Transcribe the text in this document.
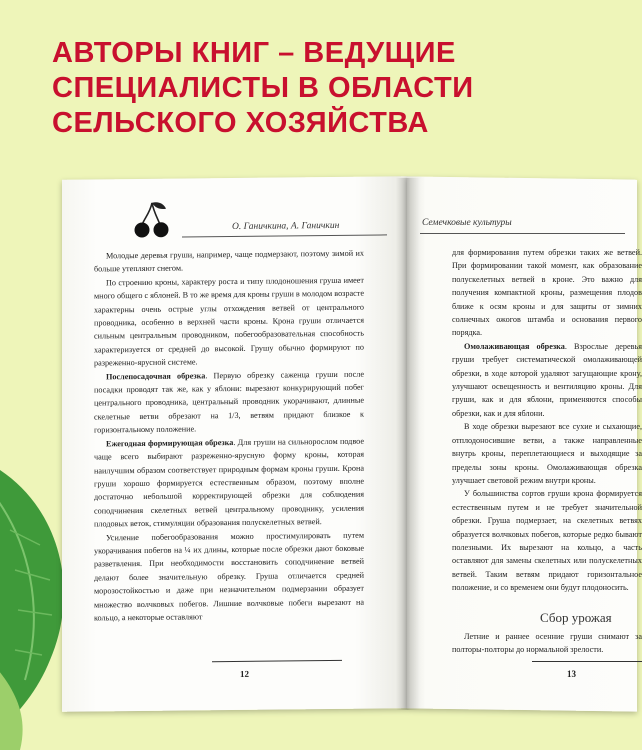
АВТОРЫ КНИГ – ВЕДУЩИЕ
СПЕЦИАЛИСТЫ В ОБЛАСТИ
СЕЛЬСКОГО ХОЗЯЙСТВА
О. Ганичкина, А. Ганичкин

Молодые деревья груши, например, чаще подмерзают, поэтому зимой их больше утепляют снегом.

По строению кроны, характеру роста и типу плодоношения груша имеет много общего с яблоней. В то же время для кроны груши в молодом возрасте характерны очень острые углы отхождения ветвей от центрального проводника, особенно в верхней части кроны. Крона груши отличается сильным центральным проводником, побегообразовательная способность характеризуется от средней до высокой. Грушу обычно формируют по разреженно-ярусной системе.

Послепосадочная обрезка. Первую обрезку саженца груши после посадки проводят так же, как у яблони: вырезают конкурирующий побег центрального проводника, центральный проводник укорачивают, длинные скелетные ветви обрезают на 1/3, ветвям придают близкое к горизонтальному положение.

Ежегодная формирующая обрезка. Для груши на сильнорослом подвое чаще всего выбирают разреженно-ярусную форму кроны, которая наилучшим образом соответствует природным формам кроны груши. Крона груши хорошо формируется естественным образом, поэтому вполне достаточно небольшой корректирующей обрезки для соблюдения соподчинения скелетных ветвей центральному проводнику, усиления плодовых веток, стимуляции образования полускелетных ветвей.

Усиление побегообразования можно простимулировать путем укорачивания побегов на ¼ их длины, которые после обрезки дают боковые разветвления. При необходимости восстановить соподчинение ветвей делают более значительную обрезку. Груша отличается средней морозостойкостью и даже при незначительном подмерзании образует множество волчковых побегов. Лишние волчковые побеги вырезают на кольцо, а некоторые оставляют

12
Семечковые культуры

для формирования путем обрезки таких же ветвей. При формировании такой момент, как образование полускелетных ветвей в кроне. Это важно для получения компактной кроны, размещения плодов ближе к осям кроны и для защиты от зимних солнечных ожогов штамба и основания первого порядка.

Омолаживающая обрезка. Взрослые деревья груши требует систематической омолаживающей обрезки, в ходе которой удаляют загущающие крону, улучшают освещенность и вентиляцию кроны. Для груши, как и для яблони, применяются способы обрезки, как и для яблони.

В ходе обрезки вырезают все сухие и сыхающие, отплодоносившие ветви, а также направленные внутрь кроны, переплетающиеся и выходящие за пределы зоны кроны. Омолаживающая обрезка улучшает световой режим внутри кроны.

У большинства сортов груши крона формируется естественным путем и не требует значительной обрезки. Груша подмерзает, на скелетных ветвях образуется волчковых побегов, которые редко бывают полезными. Их вырезают на кольцо, а часть оставляют для замены скелетных или полускелетных ветвей. Таким ветвям придают горизонтальное положение, и со временем они будут плодоносить.

Сбор урожая

Летние и раннее осенние груши снимают за полторы-полторы до нормальной зрелости.

13
